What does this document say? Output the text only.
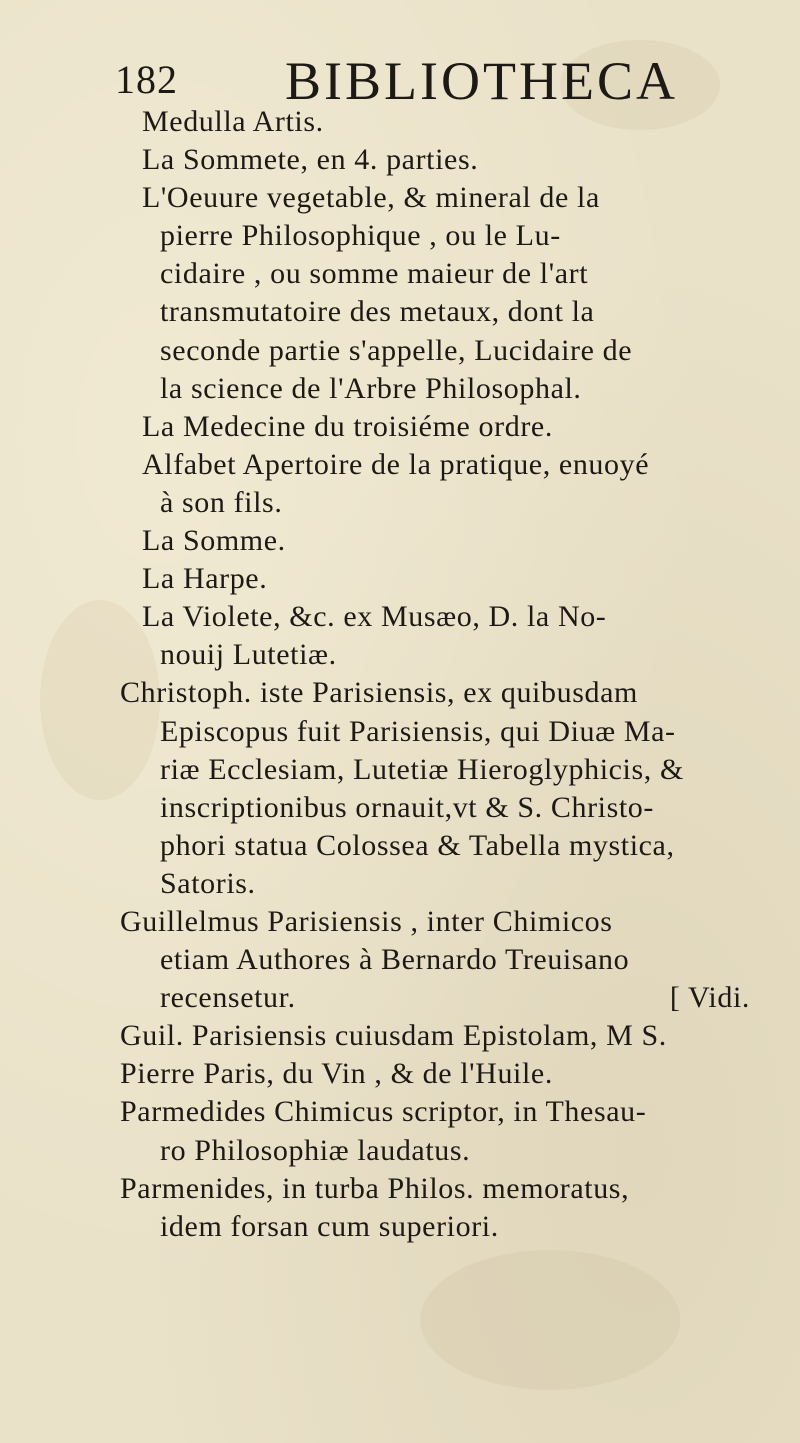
182 BIBLIOTHECA
Medulla Artis.
La Sommete, en 4. parties.
L'Oeuure vegetable, & mineral de la
pierre Philosophique , ou le Lu-
cidaire , ou somme maieur de l'art
transmutatoire des metaux, dont la
seconde partie s'appelle, Lucidaire de
la science de l'Arbre Philosophal.
La Medecine du troisiéme ordre.
Alfabet Apertoire de la pratique, enuoyé
à son fils.
La Somme.
La Harpe.
La Violete, &c. ex Musæo, D. la No-
nouij Lutetiæ.
Christoph. iste Parisiensis, ex quibusdam
Episcopus fuit Parisiensis, qui Diuæ Ma-
riæ Ecclesiam, Lutetiæ Hieroglyphicis, &
inscriptionibus ornauit,vt & S. Christo-
phori statua Colossea & Tabella mystica,
Satoris.
Guillelmus Parisiensis , inter Chimicos
etiam Authores à Bernardo Treuisano
recensetur.	[ Vidi.
Guil. Parisiensis cuiusdam Epistolam, M S.
Pierre Paris, du Vin , & de l'Huile.
Parmedides Chimicus scriptor, in Thesau-
ro Philosophiæ laudatus.
Parmenides, in turba Philos. memoratus,
idem forsan cum superiori.
